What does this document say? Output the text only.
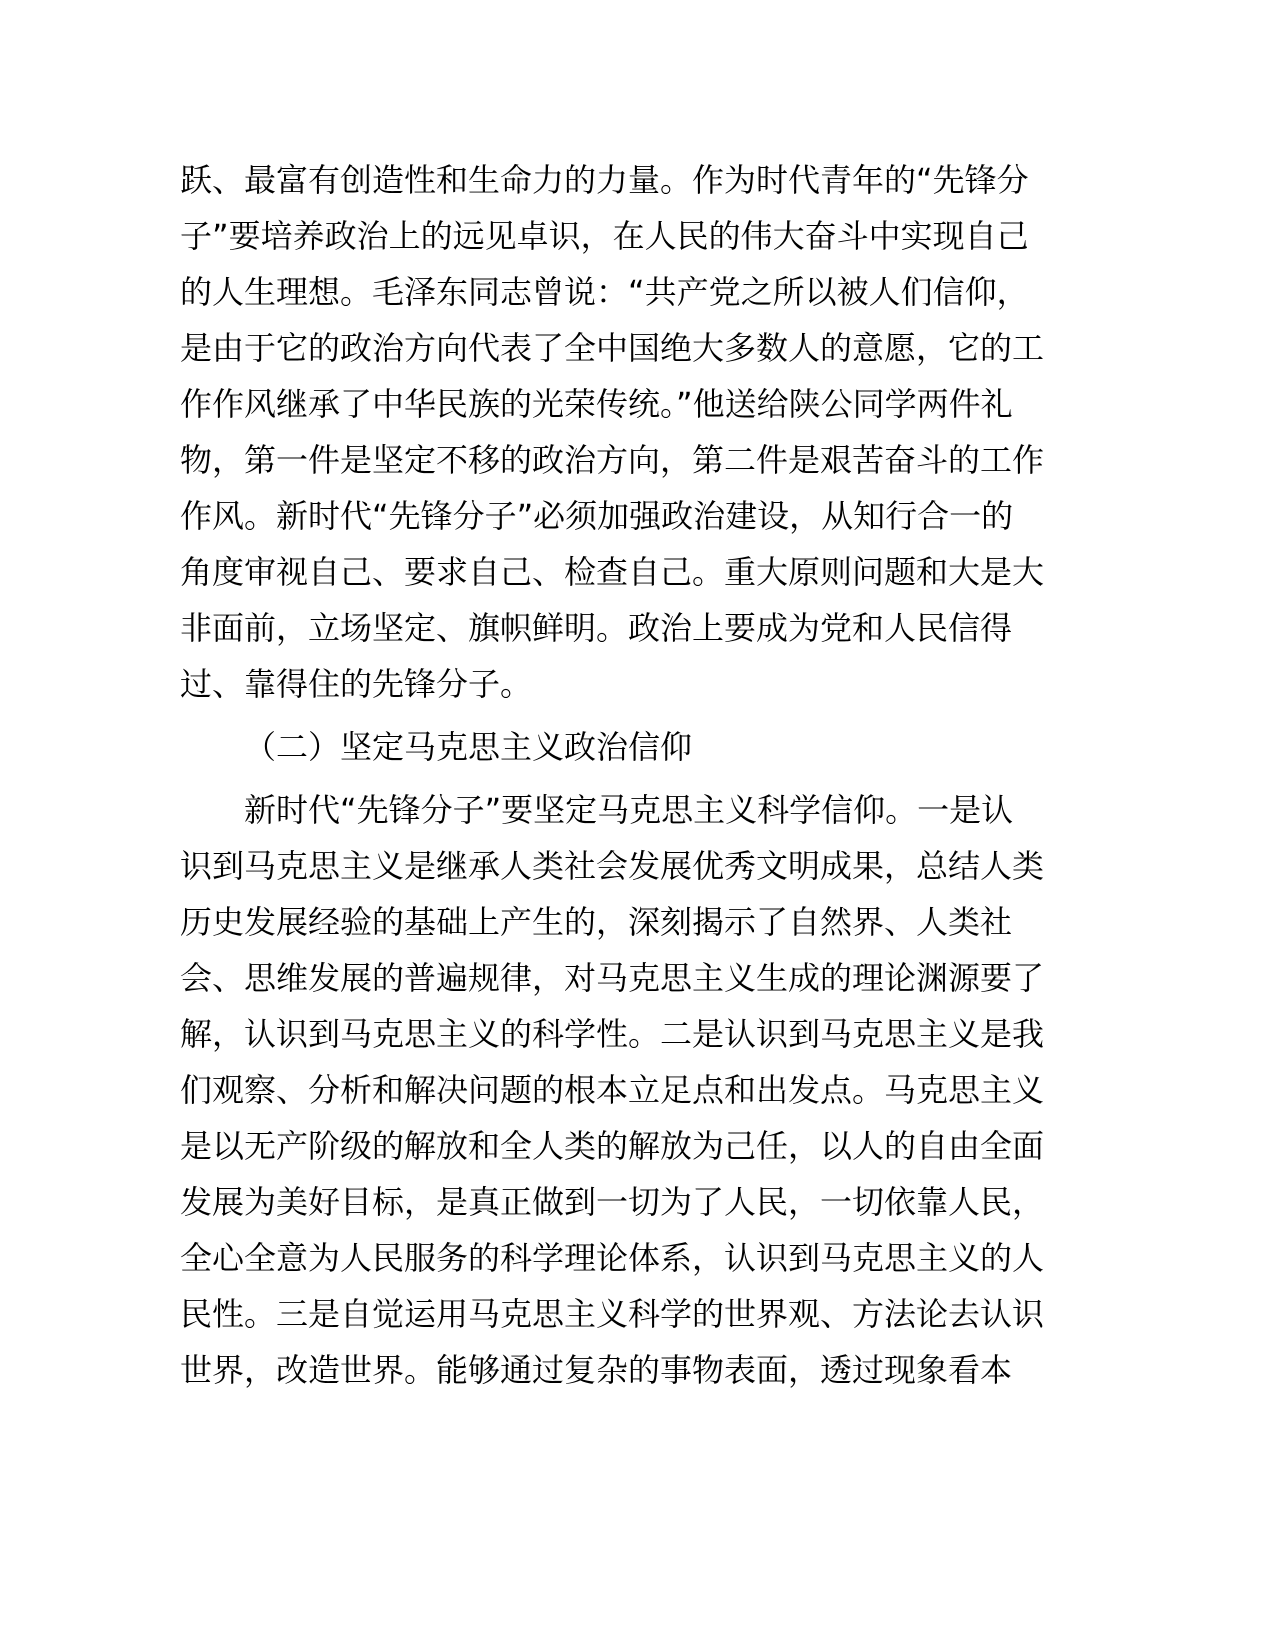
跃、最富有创造性和生命力的力量。作为时代青年的“先锋分
子”要培养政治上的远见卓识，在人民的伟大奋斗中实现自己
的人生理想。毛泽东同志曾说：“共产党之所以被人们信仰，
是由于它的政治方向代表了全中国绝大多数人的意愿，它的工
作作风继承了中华民族的光荣传统。”他送给陕公同学两件礼
物，第一件是坚定不移的政治方向，第二件是艰苦奋斗的工作
作风。新时代“先锋分子”必须加强政治建设，从知行合一的
角度审视自己、要求自己、检查自己。重大原则问题和大是大
非面前，立场坚定、旗帜鲜明。政治上要成为党和人民信得
过、靠得住的先锋分子。
（二）坚定马克思主义政治信仰
新时代“先锋分子”要坚定马克思主义科学信仰。一是认
识到马克思主义是继承人类社会发展优秀文明成果，总结人类
历史发展经验的基础上产生的，深刻揭示了自然界、人类社
会、思维发展的普遍规律，对马克思主义生成的理论渊源要了
解，认识到马克思主义的科学性。二是认识到马克思主义是我
们观察、分析和解决问题的根本立足点和出发点。马克思主义
是以无产阶级的解放和全人类的解放为己任，以人的自由全面
发展为美好目标，是真正做到一切为了人民，一切依靠人民，
全心全意为人民服务的科学理论体系，认识到马克思主义的人
民性。三是自觉运用马克思主义科学的世界观、方法论去认识
世界，改造世界。能够通过复杂的事物表面，透过现象看本
